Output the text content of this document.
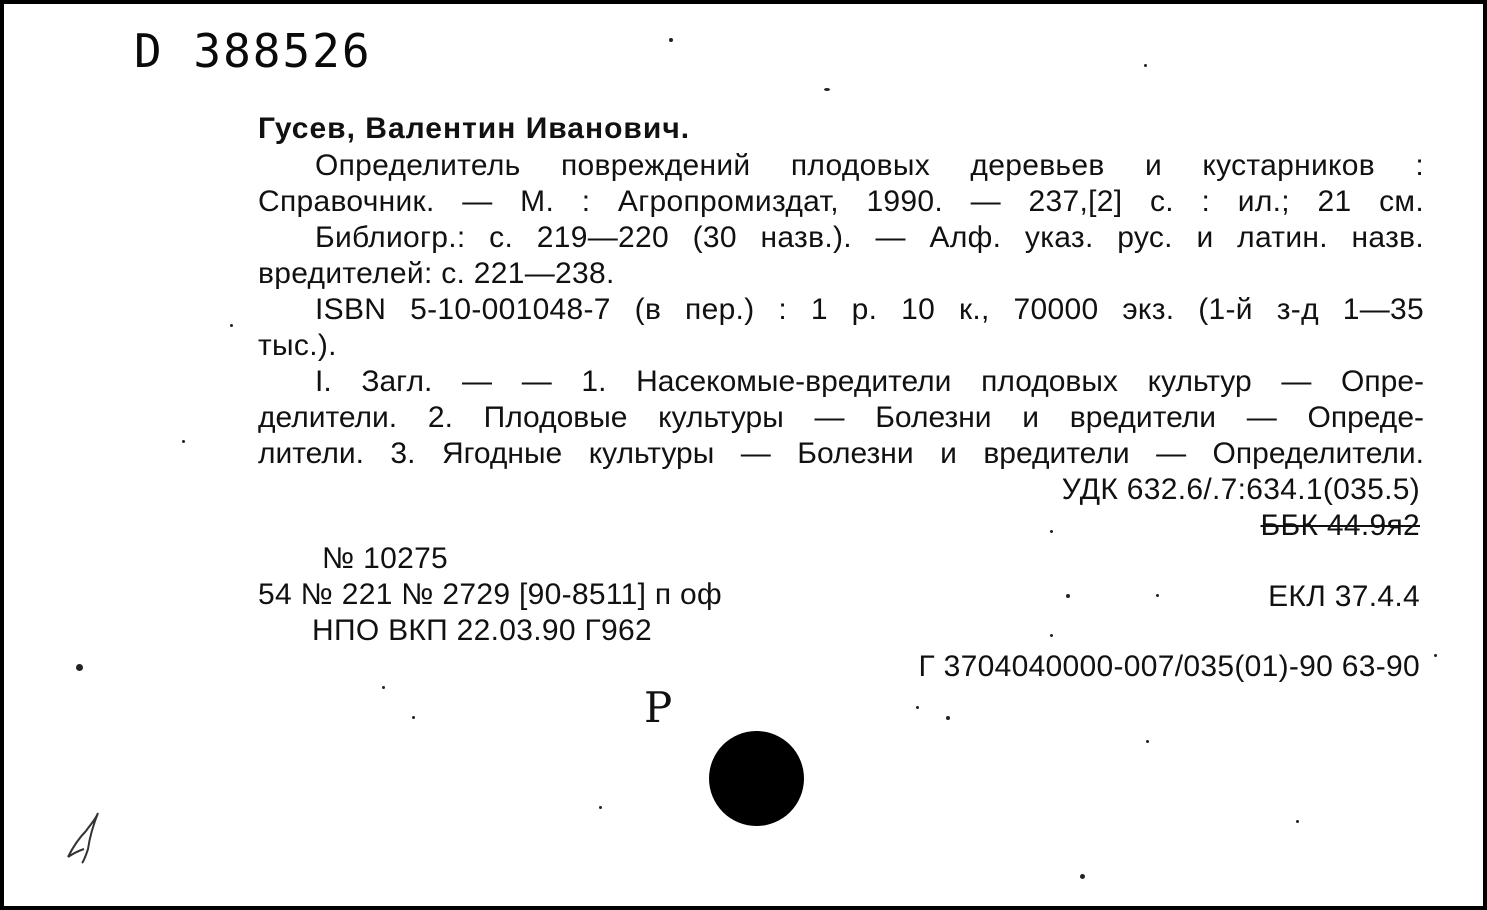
D 388526
Гусев, Валентин Иванович.
Определитель повреждений плодовых деревьев и кустарников :
Справочник. — М. : Агропромиздат, 1990. — 237,[2] с. : ил.; 21 см.
Библиогр.: с. 219—220 (30 назв.). — Алф. указ. рус. и латин. назв.
вредителей: с. 221—238.
ISBN 5-10-001048-7 (в пер.) : 1 р. 10 к., 70000 экз. (1-й з-д 1—35
тыс.).
I. Загл. — — 1. Насекомые-вредители плодовых культур — Опре-
делители. 2. Плодовые культуры — Болезни и вредители — Опреде-
лители. 3. Ягодные культуры — Болезни и вредители — Определители.
УДК 632.6/.7:634.1(035.5)
ББК 44.9я2
№ 10275
54 № 221 № 2729 [90-8511] п оф
НПО ВКП 22.03.90 Г962
ЕКЛ 37.4.4
Г 3704040000-007/035(01)-90 63-90
Р
